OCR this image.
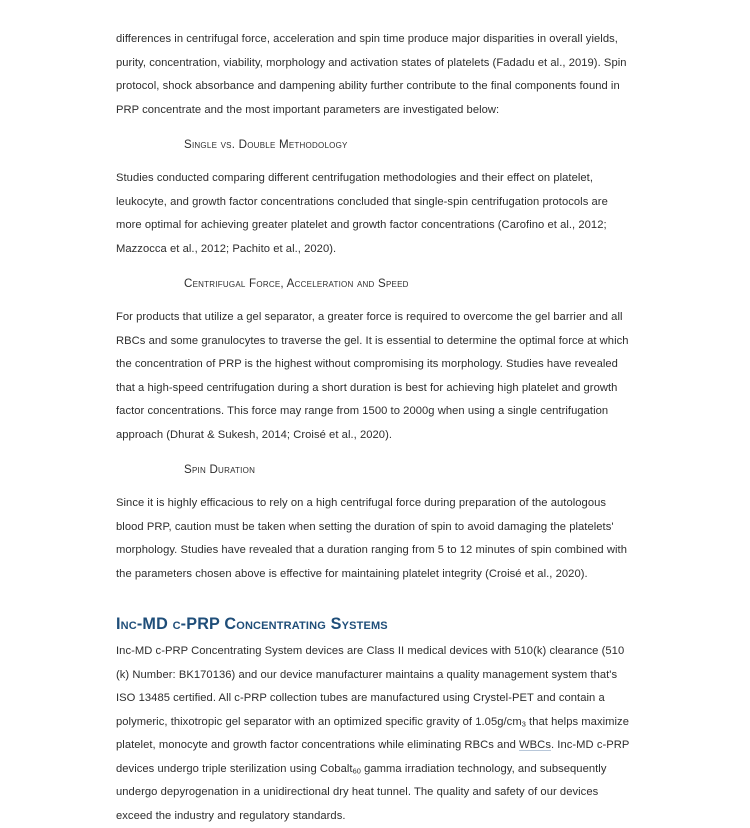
differences in centrifugal force, acceleration and spin time produce major disparities in overall yields, purity, concentration, viability, morphology and activation states of platelets (Fadadu et al., 2019). Spin protocol, shock absorbance and dampening ability further contribute to the final components found in PRP concentrate and the most important parameters are investigated below:

Single vs. Double Methodology

Studies conducted comparing different centrifugation methodologies and their effect on platelet, leukocyte, and growth factor concentrations concluded that single-spin centrifugation protocols are more optimal for achieving greater platelet and growth factor concentrations (Carofino et al., 2012; Mazzocca et al., 2012; Pachito et al., 2020).

Centrifugal Force, Acceleration and Speed

For products that utilize a gel separator, a greater force is required to overcome the gel barrier and all RBCs and some granulocytes to traverse the gel. It is essential to determine the optimal force at which the concentration of PRP is the highest without compromising its morphology. Studies have revealed that a high-speed centrifugation during a short duration is best for achieving high platelet and growth factor concentrations. This force may range from 1500 to 2000g when using a single centrifugation approach (Dhurat & Sukesh, 2014; Croisé et al., 2020).

Spin Duration

Since it is highly efficacious to rely on a high centrifugal force during preparation of the autologous blood PRP, caution must be taken when setting the duration of spin to avoid damaging the platelets' morphology. Studies have revealed that a duration ranging from 5 to 12 minutes of spin combined with the parameters chosen above is effective for maintaining platelet integrity (Croisé et al., 2020).

Inc-MD c-PRP Concentrating Systems

Inc-MD c-PRP Concentrating System devices are Class II medical devices with 510(k) clearance (510 (k) Number: BK170136) and our device manufacturer maintains a quality management system that's ISO 13485 certified. All c-PRP collection tubes are manufactured using Crystel-PET and contain a polymeric, thixotropic gel separator with an optimized specific gravity of $1.05g/cm_3$ that helps maximize platelet, monocyte and growth factor concentrations while eliminating RBCs and WBCs. Inc-MD c-PRP devices undergo triple sterilization using Cobalt$_{60}$ gamma irradiation technology, and subsequently undergo depyrogenation in a unidirectional dry heat tunnel. The quality and safety of our devices exceed the industry and regulatory standards.
